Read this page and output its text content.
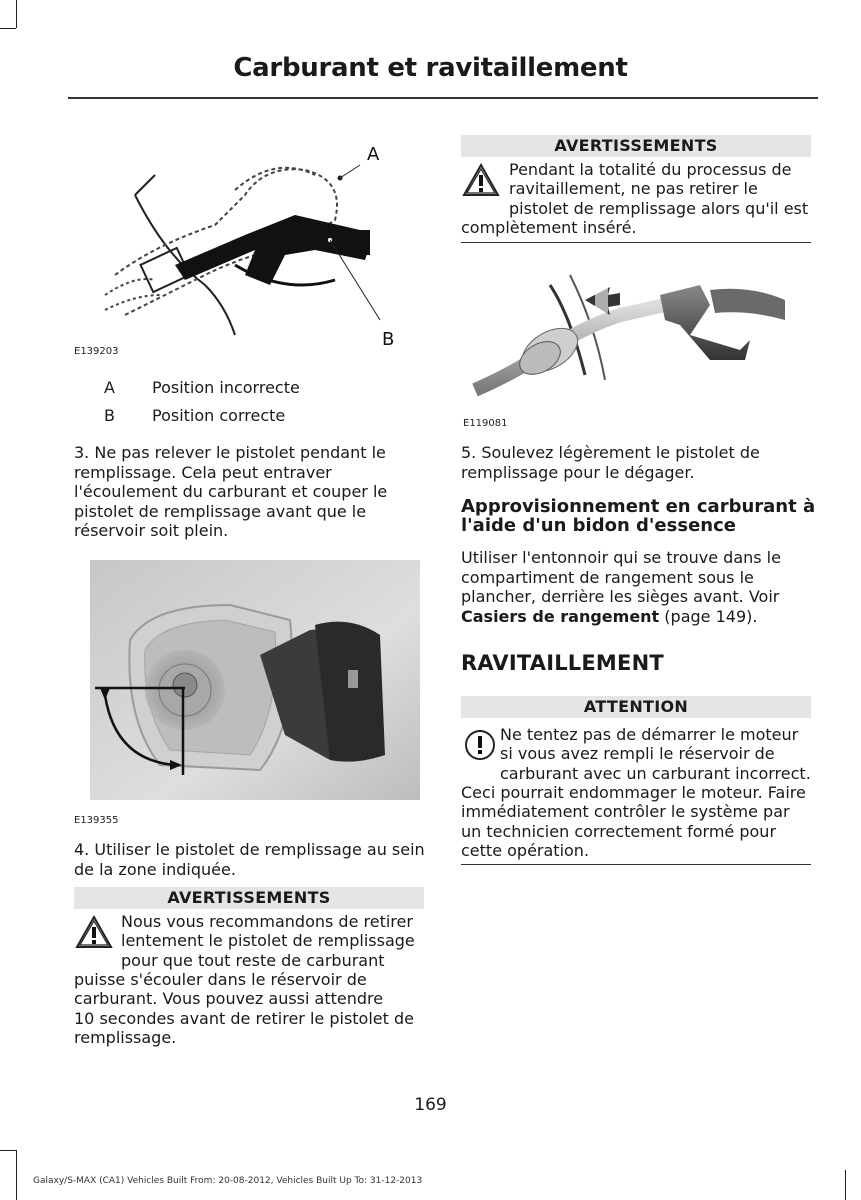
Carburant et ravitaillement
A
B
E139203
A Position incorrecte
B Position correcte
3. Ne pas relever le pistolet pendant le remplissage. Cela peut entraver l'écoulement du carburant et couper le pistolet de remplissage avant que le réservoir soit plein.
E139355
4. Utiliser le pistolet de remplissage au sein de la zone indiquée.
AVERTISSEMENTS
Nous vous recommandons de retirer
lentement le pistolet de remplissage
pour que tout reste de carburant
puisse s'écouler dans le réservoir de
carburant. Vous pouvez aussi attendre
10 secondes avant de retirer le pistolet de
remplissage.
AVERTISSEMENTS
Pendant la totalité du processus de
ravitaillement, ne pas retirer le
pistolet de remplissage alors qu'il est
complètement inséré.
E119081
5. Soulevez légèrement le pistolet de remplissage pour le dégager.
Approvisionnement en carburant à l'aide d'un bidon d'essence
Utiliser l'entonnoir qui se trouve dans le compartiment de rangement sous le plancher, derrière les sièges avant. Voir Casiers de rangement (page 149).
RAVITAILLEMENT
ATTENTION
Ne tentez pas de démarrer le moteur
si vous avez rempli le réservoir de
carburant avec un carburant incorrect.
Ceci pourrait endommager le moteur. Faire
immédiatement contrôler le système par
un technicien correctement formé pour
cette opération.
169
Galaxy/S-MAX (CA1) Vehicles Built From: 20-08-2012, Vehicles Built Up To: 31-12-2013
